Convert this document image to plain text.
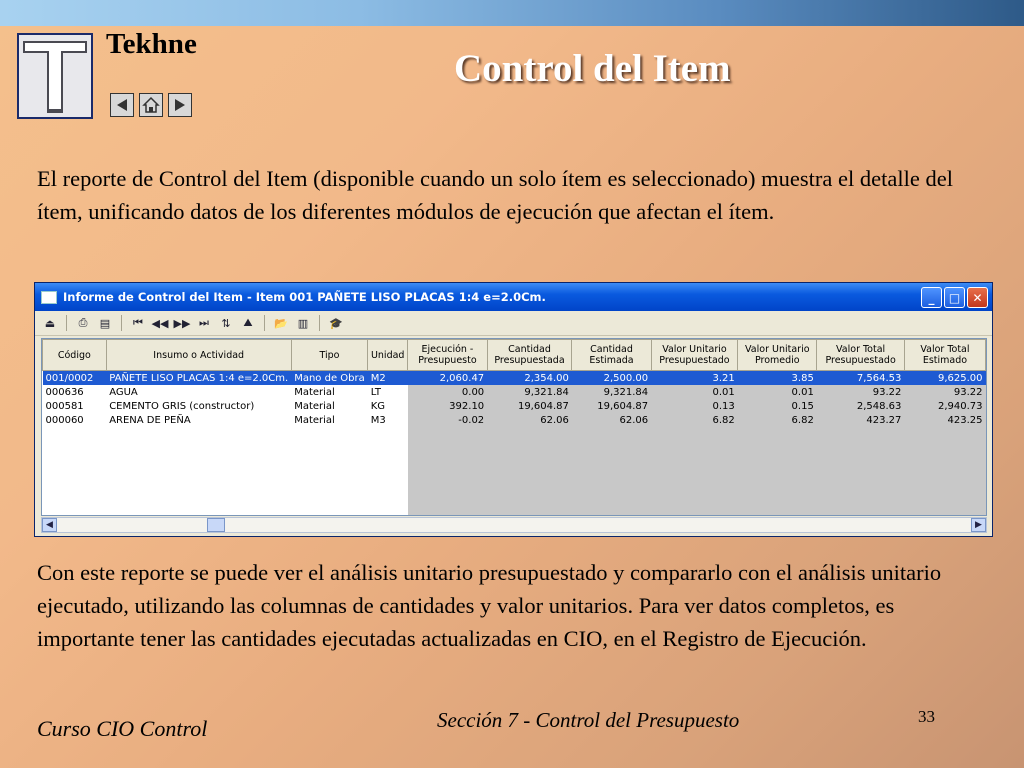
Tekhne
Control del Item
El reporte de Control del Item (disponible cuando un solo ítem es seleccionado) muestra el detalle del ítem, unificando datos de los diferentes módulos de ejecución que afectan el ítem.
Informe de Control del Item - Item 001 PAÑETE LISO PLACAS 1:4 e=2.0Cm.	_ □ ✕
⏏	⎙	▤	⏮ ◀◀ ▶▶ ⏭	⇅	⛰	📂 ▥	🎓
Código	Insumo o Actividad	Tipo	Unidad	Ejecución -Presupuesto	Cantidad Presupuestada	Cantidad Estimada	Valor Unitario Presupuestado	Valor Unitario Promedio	Valor Total Presupuestado	Valor Total Estimado
001/0002	PAÑETE LISO PLACAS 1:4 e=2.0Cm.	Mano de Obra	M2	2,060.47	2,354.00	2,500.00	3.21	3.85	7,564.53	9,625.00
000636	AGUA	Material	LT	0.00	9,321.84	9,321.84	0.01	0.01	93.22	93.22
000581	CEMENTO GRIS (constructor)	Material	KG	392.10	19,604.87	19,604.87	0.13	0.15	2,548.63	2,940.73
000060	ARENA DE PEÑA	Material	M3	-0.02	62.06	62.06	6.82	6.82	423.27	423.25

◀	▶
Con este reporte se puede ver el análisis unitario presupuestado y compararlo con el análisis unitario ejecutado, utilizando las columnas de cantidades y valor unitarios. Para ver datos completos, es importante tener las cantidades ejecutadas actualizadas en CIO, en el Registro de Ejecución.
Curso CIO Control	Sección 7 - Control del Presupuesto	33
